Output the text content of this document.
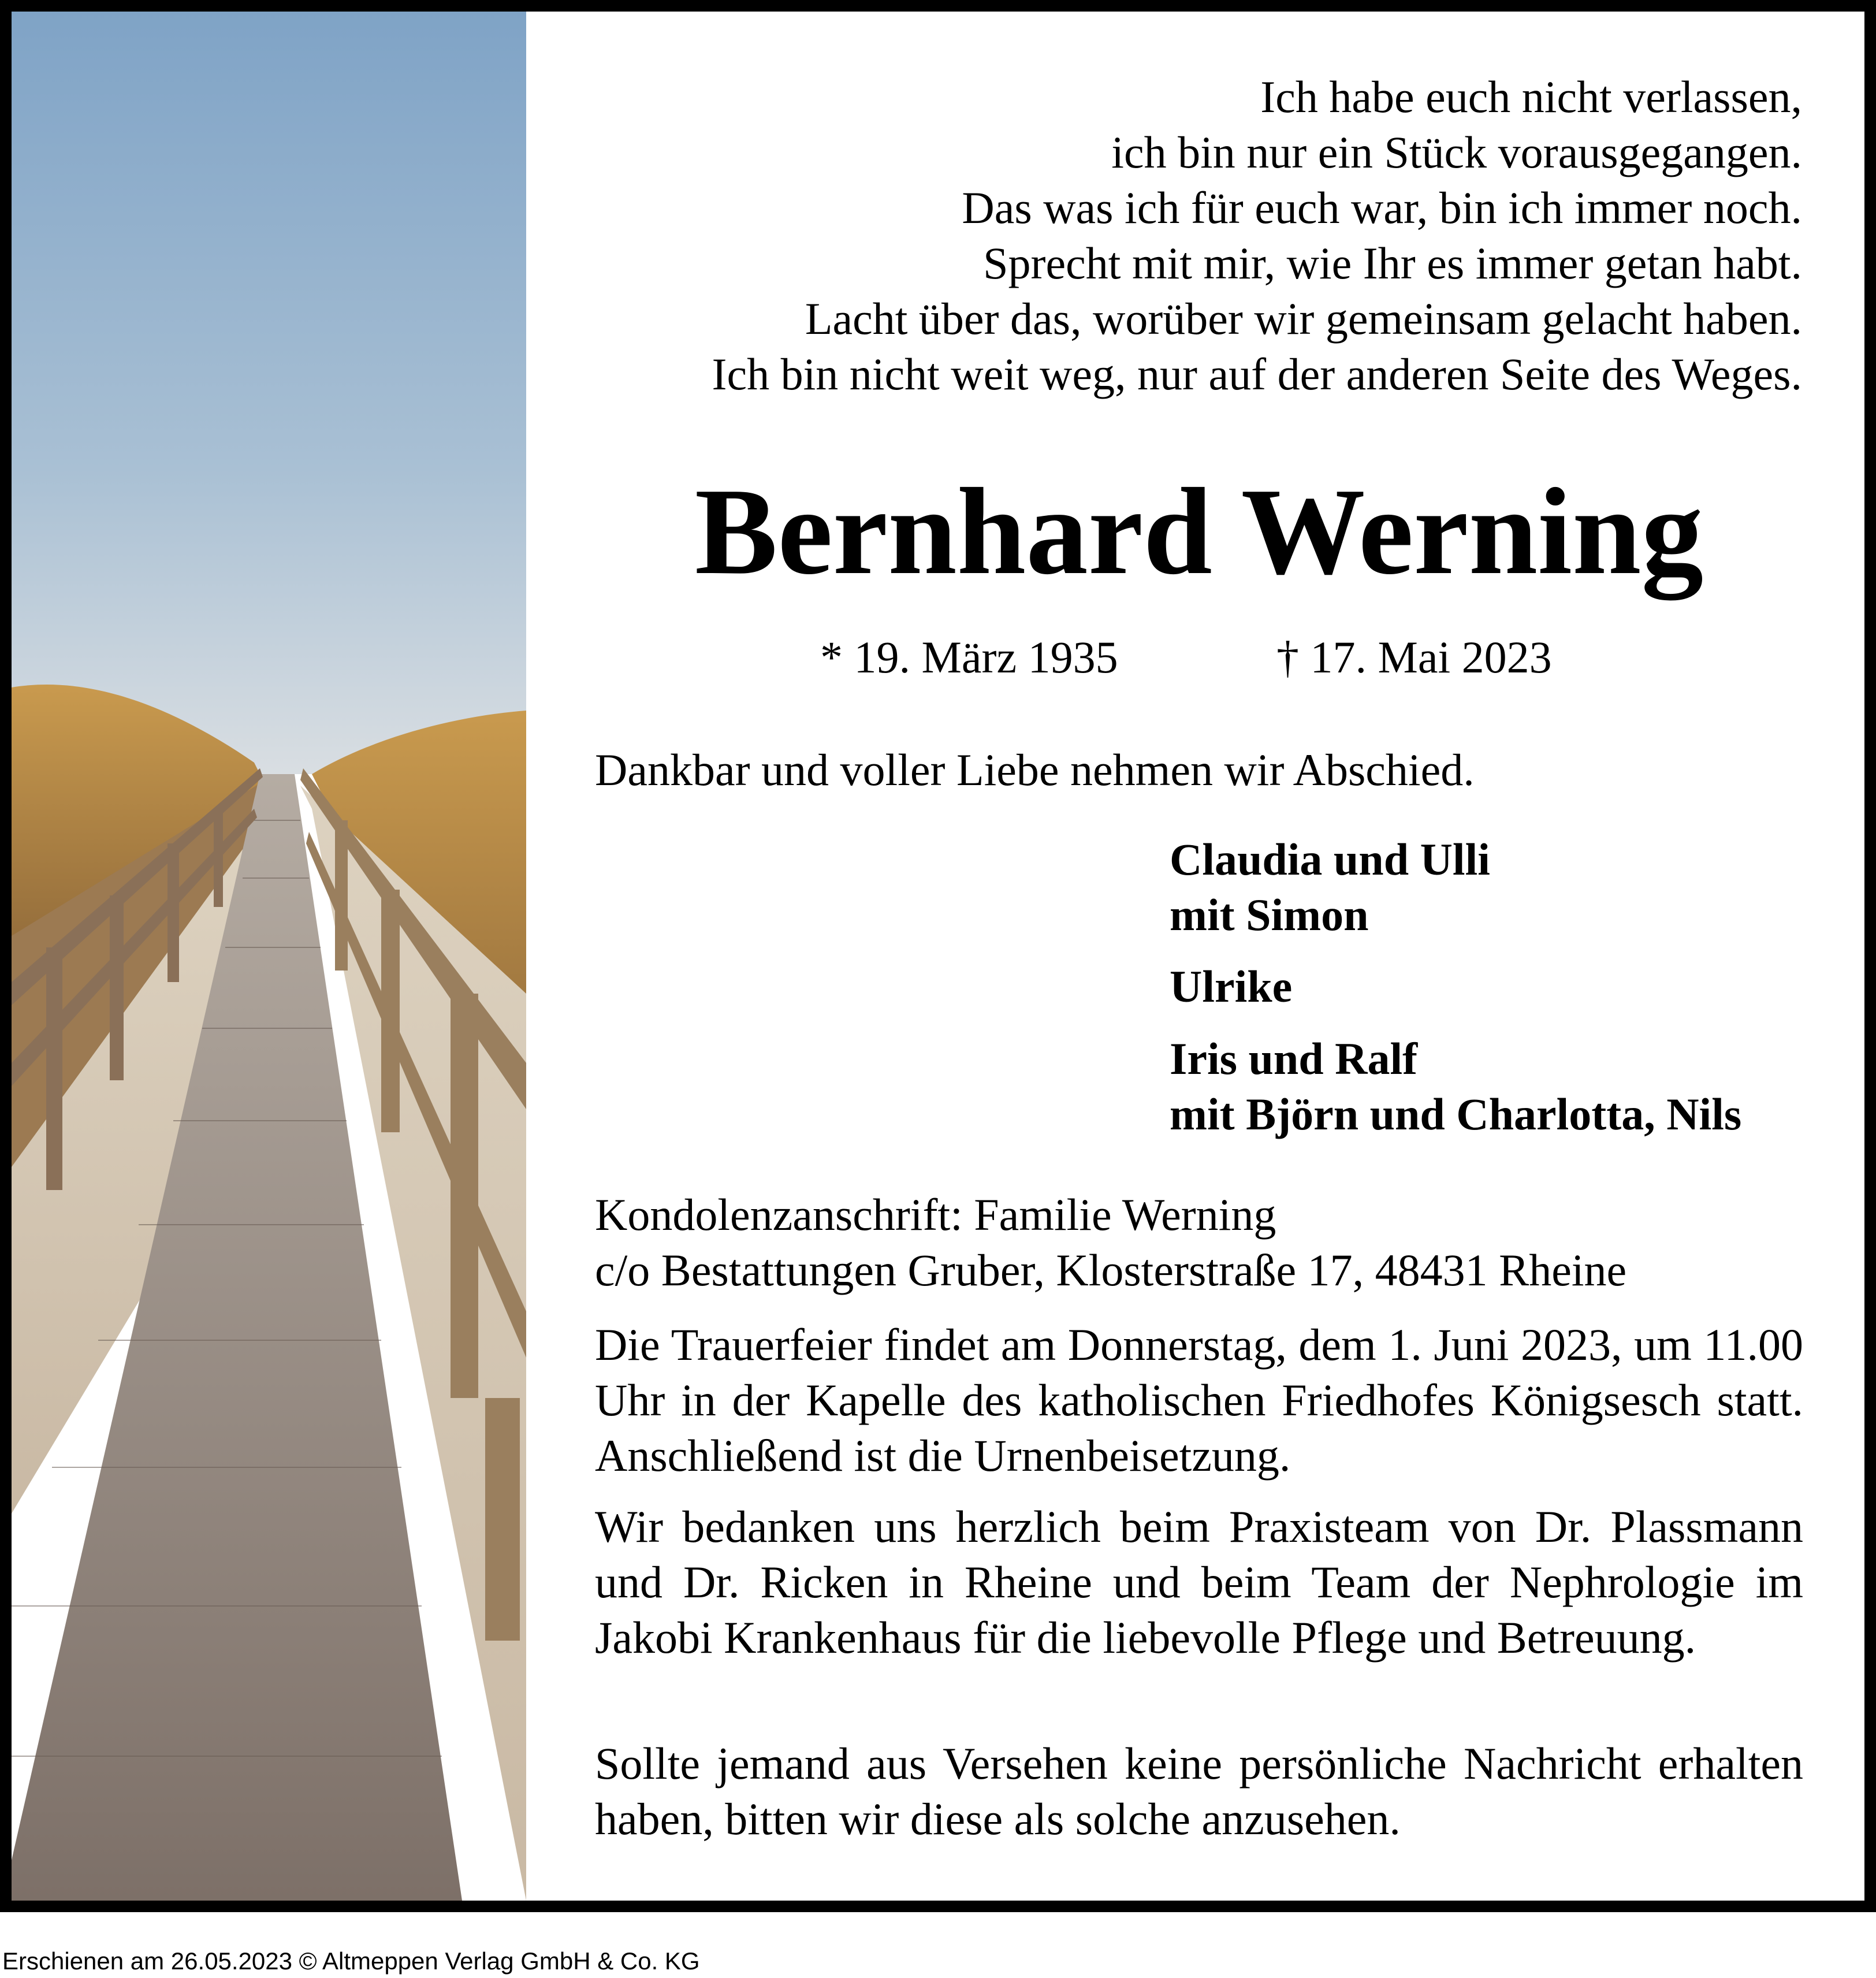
Ich habe euch nicht verlassen,
ich bin nur ein Stück vorausgegangen.
Das was ich für euch war, bin ich immer noch.
Sprecht mit mir, wie Ihr es immer getan habt.
Lacht über das, worüber wir gemeinsam gelacht haben.
Ich bin nicht weit weg, nur auf der anderen Seite des Weges.
Bernhard Werning
* 19. März 1935	† 17. Mai 2023
Dankbar und voller Liebe nehmen wir Abschied.
Claudia und Ulli
mit Simon
Ulrike
Iris und Ralf
mit Björn und Charlotta, Nils
Kondolenzanschrift: Familie Werning
c/o Bestattungen Gruber, Klosterstraße 17, 48431 Rheine
Die Trauerfeier findet am Donnerstag, dem 1. Juni 2023, um 11.00 Uhr in der Kapelle des katholischen Friedhofes Königsesch statt. Anschließend ist die Urnenbeisetzung.
Wir bedanken uns herzlich beim Praxisteam von Dr. Plassmann und Dr. Ricken in Rheine und beim Team der Nephrologie im Jakobi Krankenhaus für die liebevolle Pflege und Betreuung.
Sollte jemand aus Versehen keine persönliche Nachricht erhalten haben, bitten wir diese als solche anzusehen.
Erschienen am 26.05.2023 © Altmeppen Verlag GmbH & Co. KG
